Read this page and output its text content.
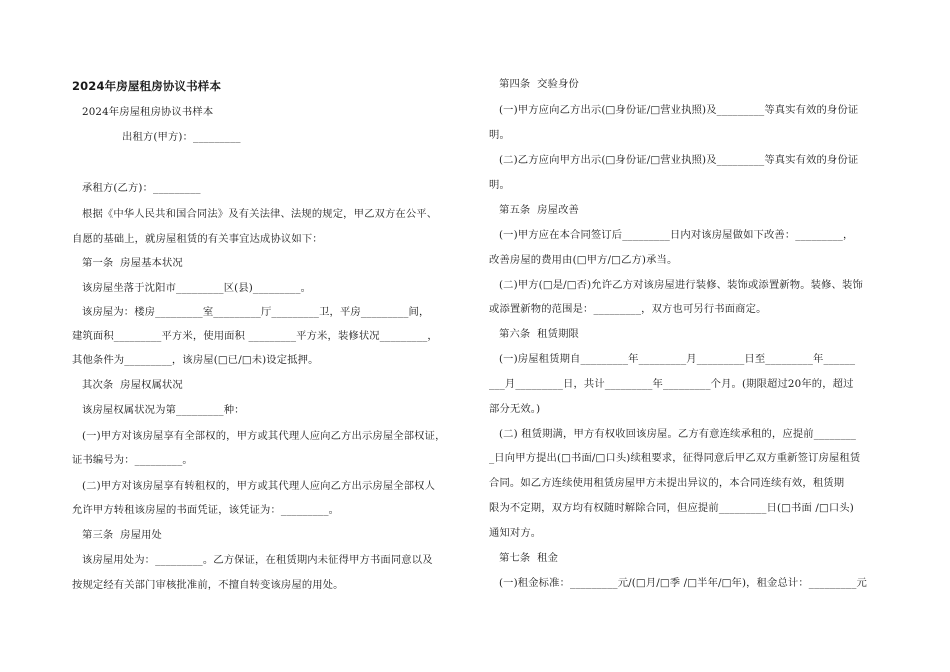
2024年房屋租房协议书样本
2024年房屋租房协议书样本
出租方(甲方)：_________
承租方(乙方)：_________
根据《中华人民共和国合同法》及有关法律、法规的规定，甲乙双方在公平、
自愿的基础上，就房屋租赁的有关事宜达成协议如下：
第一条  房屋基本状况
该房屋坐落于沈阳市_________区(县)_________。
该房屋为：楼房_________室_________厅_________卫，平房_________间，
建筑面积_________平方米，使用面积 _________平方米，装修状况_________，
其他条件为_________，该房屋(□已/□未)设定抵押。
其次条  房屋权属状况
该房屋权属状况为第_________种：
(一)甲方对该房屋享有全部权的，甲方或其代理人应向乙方出示房屋全部权证，
证书编号为：_________。
(二)甲方对该房屋享有转租权的，甲方或其代理人应向乙方出示房屋全部权人
允许甲方转租该房屋的书面凭证，该凭证为：_________。
第三条  房屋用处
该房屋用处为：_________。乙方保证，在租赁期内未征得甲方书面同意以及
按规定经有关部门审核批准前，不擅自转变该房屋的用处。
第四条  交验身份
(一)甲方应向乙方出示(□身份证/□营业执照)及_________等真实有效的身份证
明。
(二)乙方应向甲方出示(□身份证/□营业执照)及_________等真实有效的身份证
明。
第五条  房屋改善
(一)甲方应在本合同签订后_________日内对该房屋做如下改善：_________，
改善房屋的费用由(□甲方/□乙方)承当。
(二)甲方(□是/□否)允许乙方对该房屋进行装修、装饰或添置新物。装修、装饰
或添置新物的范围是：_________，双方也可另行书面商定。
第六条  租赁期限
(一)房屋租赁期自_________年_________月_________日至_________年______
___月_________日，共计_________年_________个月。(期限超过20年的，超过
部分无效。)
(二) 租赁期满，甲方有权收回该房屋。乙方有意连续承租的，应提前________
_日向甲方提出(□书面/□口头)续租要求，征得同意后甲乙双方重新签订房屋租赁
合同。如乙方连续使用租赁房屋甲方未提出异议的，本合同连续有效，租赁期
限为不定期，双方均有权随时解除合同，但应提前_________日(□书面 /□口头)
通知对方。
第七条  租金
(一)租金标准：_________元/(□月/□季 /□半年/□年)，租金总计：_________元
